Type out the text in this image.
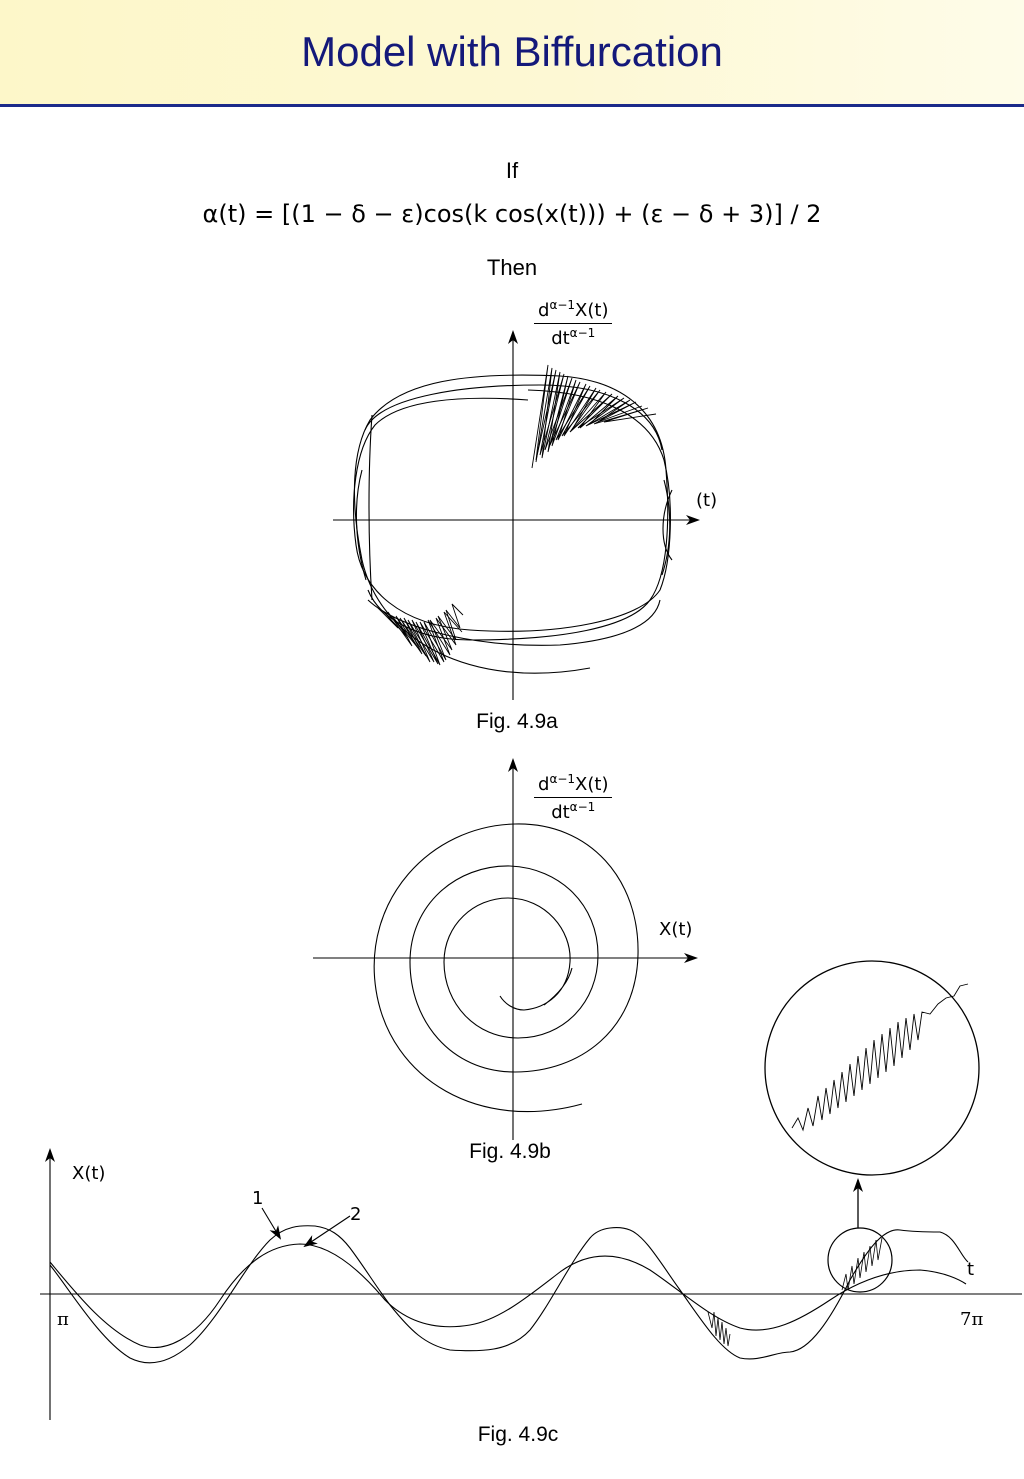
Model with Biffurcation
If
α(t) = [(1 − δ − ε)cos(k cos(x(t))) + (ε − δ + 3)] / 2
Then
$d^{\alpha-1}X(t)$
$dt^{\alpha-1}$
(t)
Fig. 4.9a
$d^{\alpha-1}X(t)$
$dt^{\alpha-1}$
X(t)
Fig. 4.9b
X(t)
π	7π
t
1
2
Fig. 4.9c
